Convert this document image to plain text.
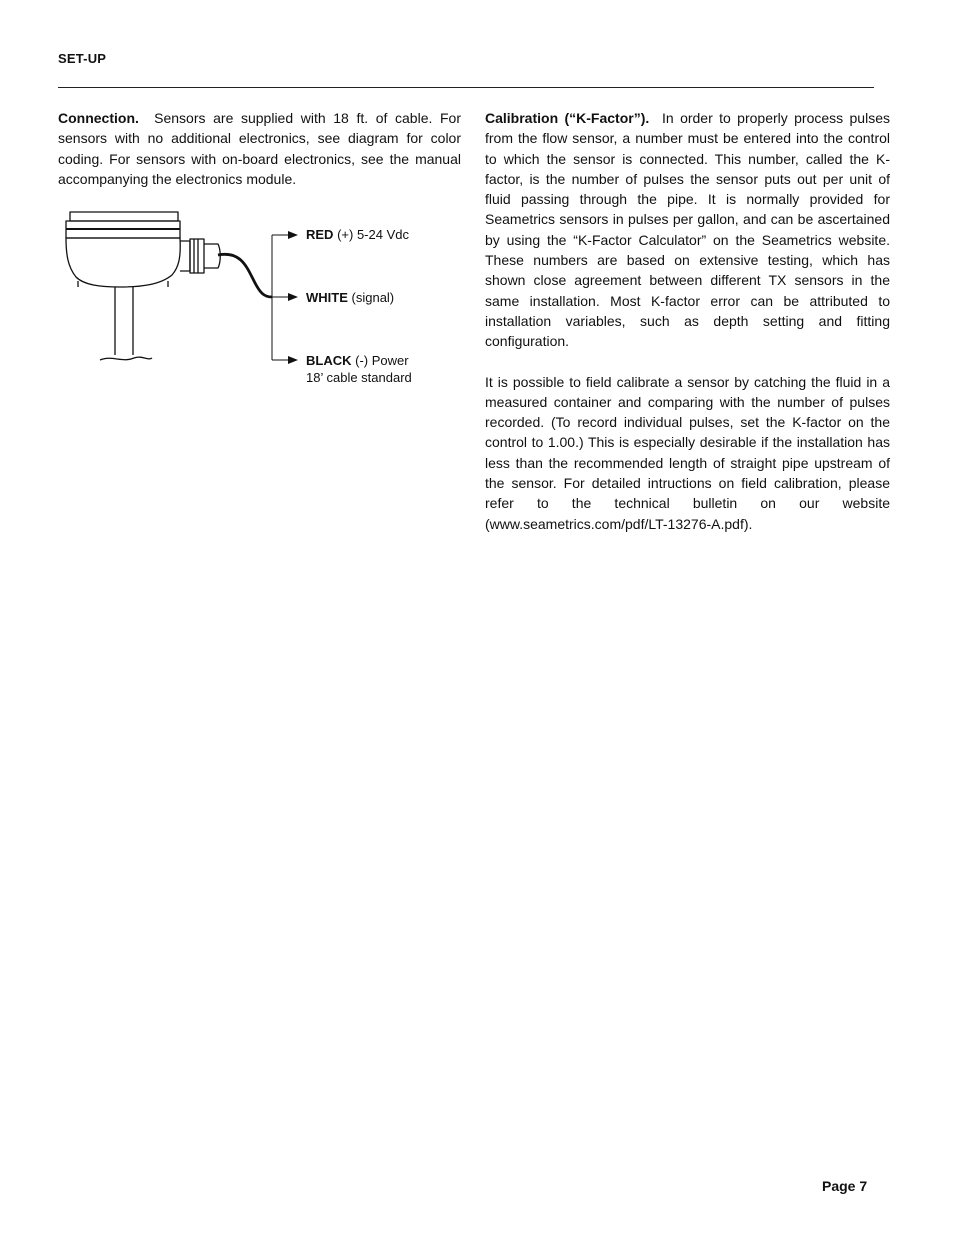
SET-UP

Connection. Sensors are supplied with 18 ft. of cable. For sensors with no additional electronics, see diagram for color coding. For sensors with on-board electronics, see the manual accompanying the electronics module.

RED (+) 5-24 Vdc
WHITE (signal)
BLACK (-) Power
18’ cable standard

Calibration (“K-Factor”). In order to properly process pulses from the flow sensor, a number must be entered into the control to which the sensor is connected. This number, called the K-factor, is the number of pulses the sensor puts out per unit of fluid passing through the pipe. It is normally provided for Seametrics sensors in pulses per gallon, and can be ascertained by using the “K-Factor Calculator” on the Seametrics website. These numbers are based on extensive testing, which has shown close agreement between different TX sensors in the same installation. Most K-factor error can be attributed to installation variables, such as depth setting and fitting configuration.

It is possible to field calibrate a sensor by catching the fluid in a measured container and comparing with the number of pulses recorded. (To record individual pulses, set the K-factor on the control to 1.00.) This is especially desirable if the installation has less than the recommended length of straight pipe upstream of the sensor. For detailed intructions on field calibration, please refer to the technical bulletin on our website (www.seametrics.com/pdf/LT-13276-A.pdf).

Page 7
